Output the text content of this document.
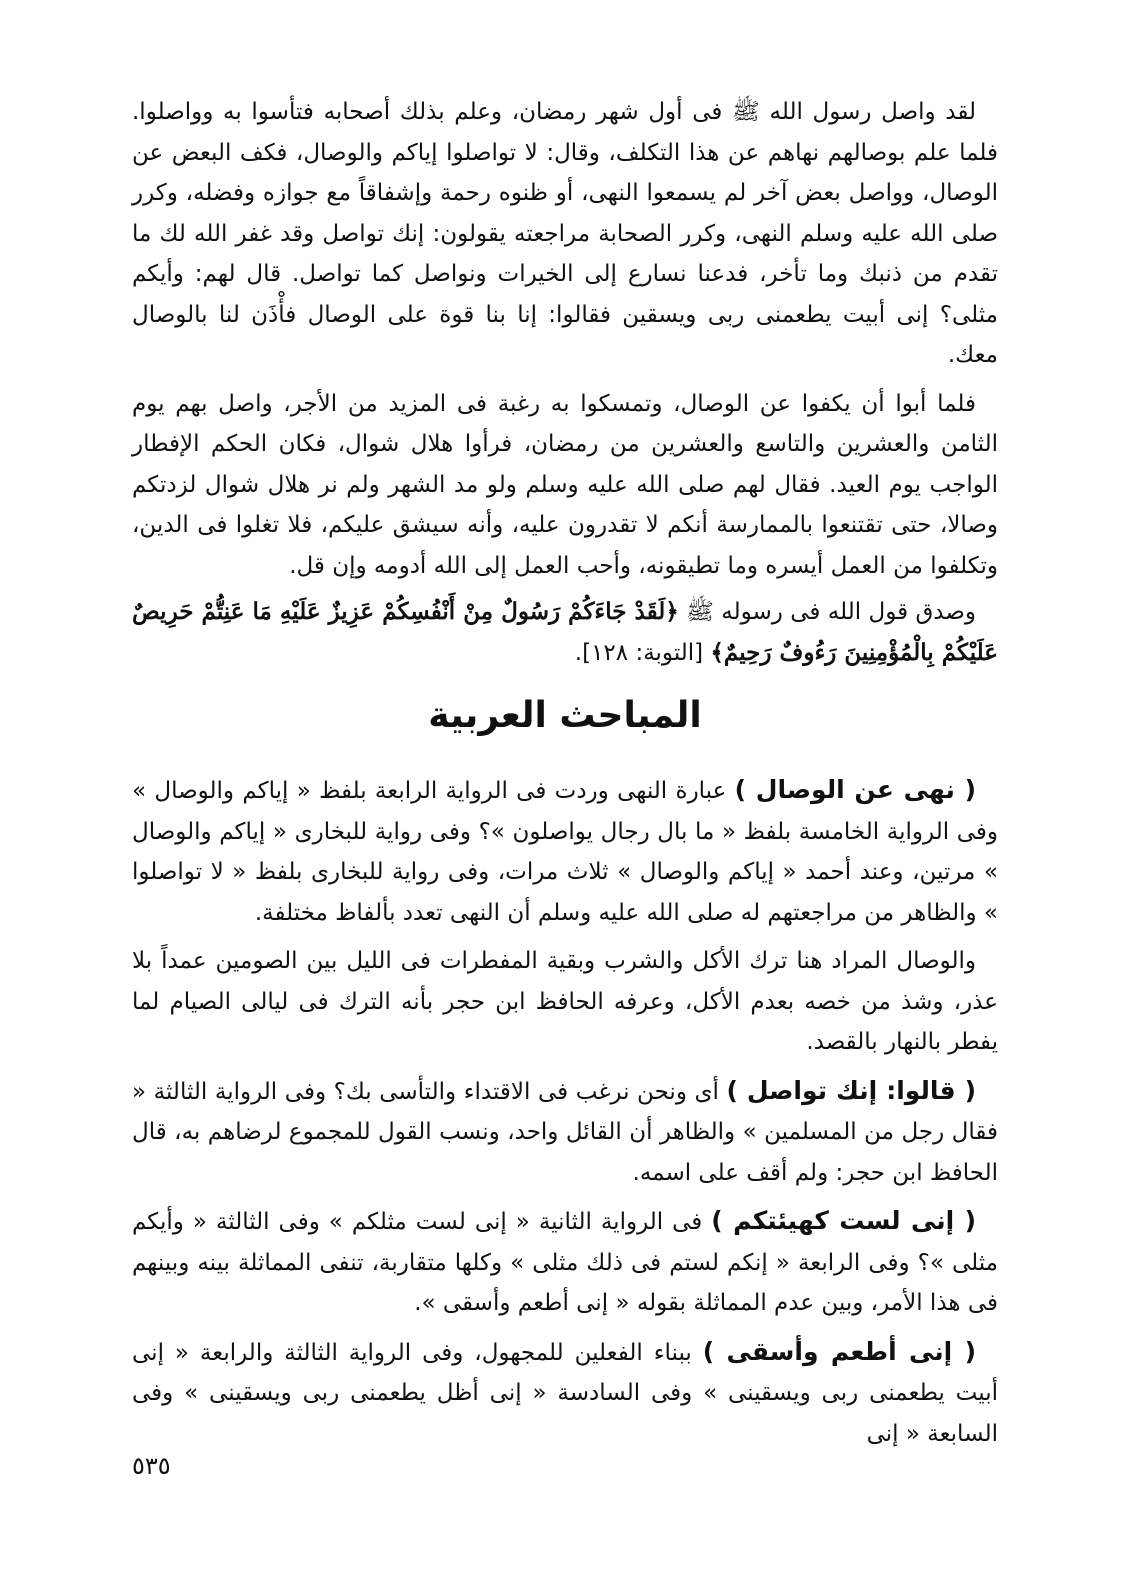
لقد واصل رسول الله ﷺ فى أول شهر رمضان، وعلم بذلك أصحابه فتأسوا به وواصلوا. فلما علم بوصالهم نهاهم عن هذا التكلف، وقال: لا تواصلوا إياكم والوصال، فكف البعض عن الوصال، وواصل بعض آخر لم يسمعوا النهى، أو ظنوه رحمة وإشفاقاً مع جوازه وفضله، وكرر صلى الله عليه وسلم النهى، وكرر الصحابة مراجعته يقولون: إنك تواصل وقد غفر الله لك ما تقدم من ذنبك وما تأخر، فدعنا نسارع إلى الخيرات ونواصل كما تواصل. قال لهم: وأيكم مثلى؟ إنى أبيت يطعمنى ربى ويسقين فقالوا: إنا بنا قوة على الوصال فأْذَن لنا بالوصال معك.

فلما أبوا أن يكفوا عن الوصال، وتمسكوا به رغبة فى المزيد من الأجر، واصل بهم يوم الثامن والعشرين والتاسع والعشرين من رمضان، فرأوا هلال شوال، فكان الحكم الإفطار الواجب يوم العيد. فقال لهم صلى الله عليه وسلم ولو مد الشهر ولم نر هلال شوال لزدتكم وصالا، حتى تقتنعوا بالممارسة أنكم لا تقدرون عليه، وأنه سيشق عليكم، فلا تغلوا فى الدين، وتكلفوا من العمل أيسره وما تطيقونه، وأحب العمل إلى الله أدومه وإن قل.

وصدق قول الله فى رسوله ﷺ ﴿لَقَدْ جَاءَكُمْ رَسُولٌ مِنْ أَنْفُسِكُمْ عَزِيزٌ عَلَيْهِ مَا عَنِتُّمْ حَرِيصٌ عَلَيْكُمْ بِالْمُؤْمِنِينَ رَءُوفٌ رَحِيمٌ﴾ [التوبة: ١٢٨].

المباحث العربية

( نهى عن الوصال ) عبارة النهى وردت فى الرواية الرابعة بلفظ « إياكم والوصال » وفى الرواية الخامسة بلفظ « ما بال رجال يواصلون »؟ وفى رواية للبخارى « إياكم والوصال » مرتين، وعند أحمد « إياكم والوصال » ثلاث مرات، وفى رواية للبخارى بلفظ « لا تواصلوا » والظاهر من مراجعتهم له صلى الله عليه وسلم أن النهى تعدد بألفاظ مختلفة.

والوصال المراد هنا ترك الأكل والشرب وبقية المفطرات فى الليل بين الصومين عمداً بلا عذر، وشذ من خصه بعدم الأكل، وعرفه الحافظ ابن حجر بأنه الترك فى ليالى الصيام لما يفطر بالنهار بالقصد.

( قالوا: إنك تواصل ) أى ونحن نرغب فى الاقتداء والتأسى بك؟ وفى الرواية الثالثة « فقال رجل من المسلمين » والظاهر أن القائل واحد، ونسب القول للمجموع لرضاهم به، قال الحافظ ابن حجر: ولم أقف على اسمه.

( إنى لست كهيئتكم ) فى الرواية الثانية « إنى لست مثلكم » وفى الثالثة « وأيكم مثلى »؟ وفى الرابعة « إنكم لستم فى ذلك مثلى » وكلها متقاربة، تنفى المماثلة بينه وبينهم فى هذا الأمر، وبين عدم المماثلة بقوله « إنى أطعم وأسقى ».

( إنى أطعم وأسقى ) ببناء الفعلين للمجهول، وفى الرواية الثالثة والرابعة « إنى أبيت يطعمنى ربى ويسقينى » وفى السادسة « إنى أظل يطعمنى ربى ويسقينى » وفى السابعة « إنى

٥٣٥
